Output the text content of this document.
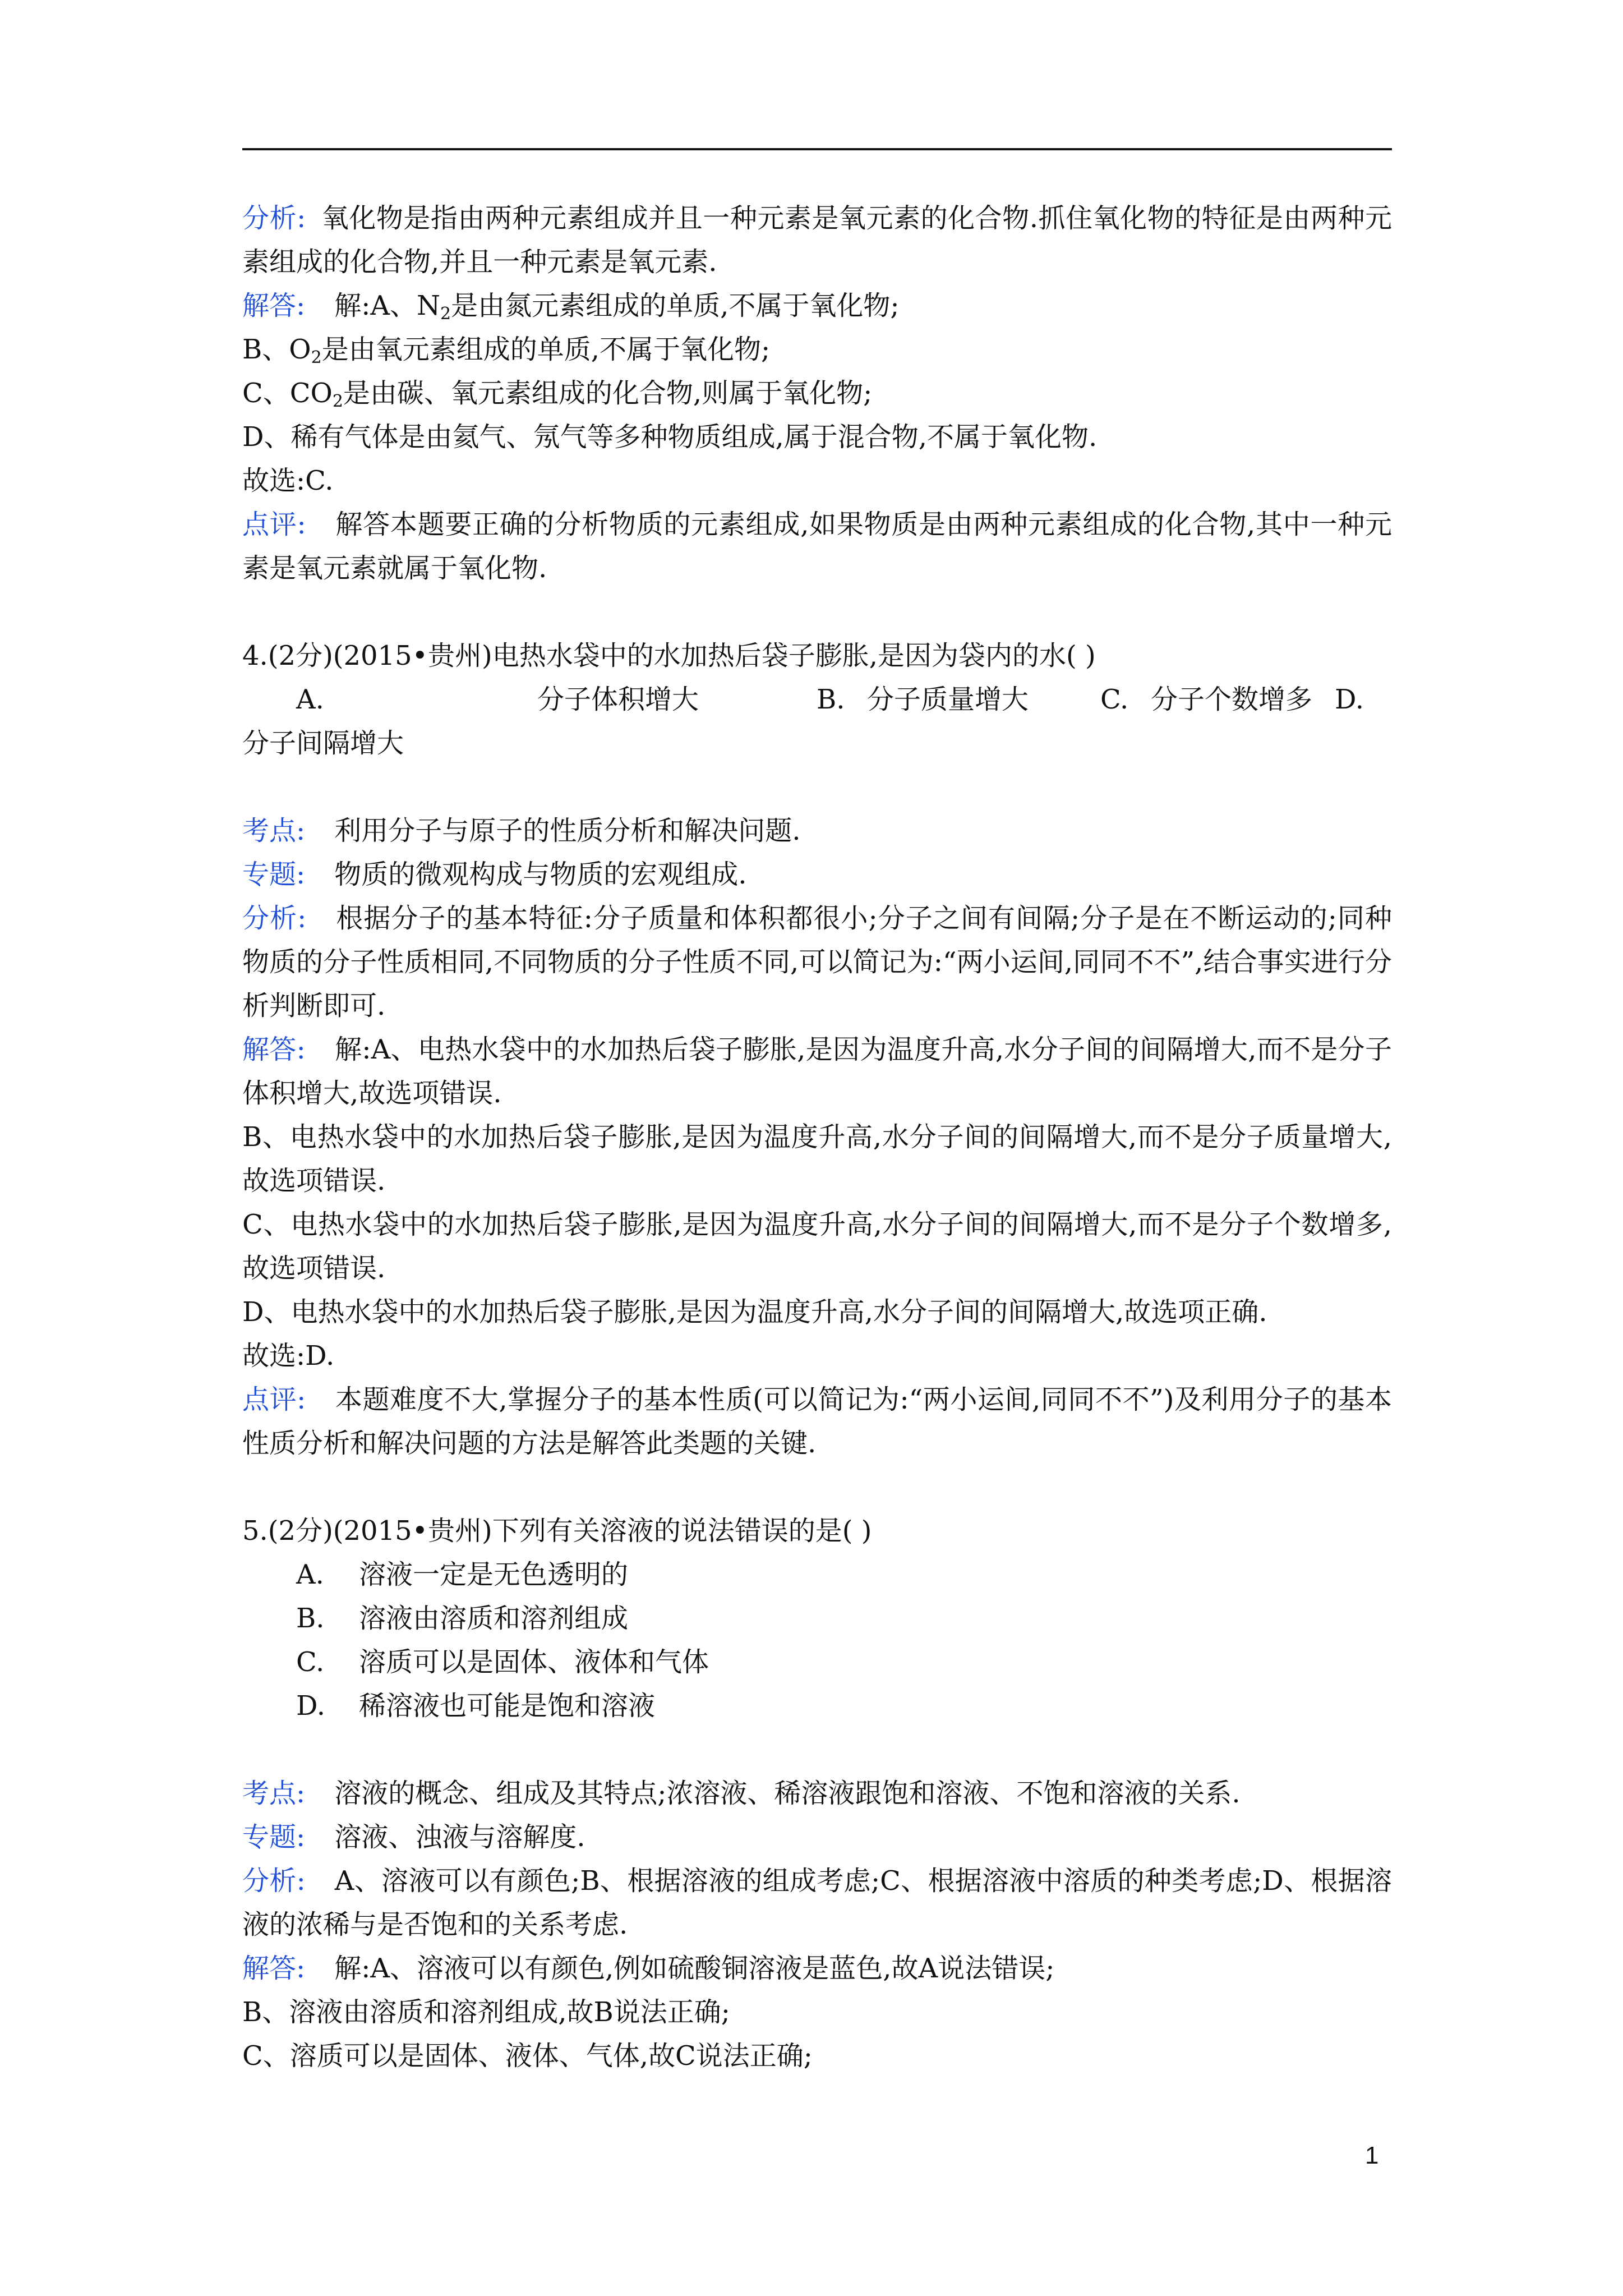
分析: 氧化物是指由两种元素组成并且一种元素是氧元素的化合物.抓住氧化物的特征是由两种元素组成的化合物,并且一种元素是氧元素.

解答: 解:A、$N_2$是由氮元素组成的单质,不属于氧化物;

B、$O_2$是由氧元素组成的单质,不属于氧化物;

C、$CO_2$是由碳、氧元素组成的化合物,则属于氧化物;

D、稀有气体是由氦气、氖气等多种物质组成,属于混合物,不属于氧化物.

故选:C.

点评: 解答本题要正确的分析物质的元素组成,如果物质是由两种元素组成的化合物,其中一种元素是氧元素就属于氧化物.

4.(2分)(2015•贵州)电热水袋中的水加热后袋子膨胀,是因为袋内的水( )

A.	分子体积增大	B. 分子质量增大	C. 分子个数增多 D.

分子间隔增大

考点: 利用分子与原子的性质分析和解决问题.

专题: 物质的微观构成与物质的宏观组成.

分析: 根据分子的基本特征:分子质量和体积都很小;分子之间有间隔;分子是在不断运动的;同种物质的分子性质相同,不同物质的分子性质不同,可以简记为:“两小运间,同同不不”,结合事实进行分析判断即可.

解答: 解:A、电热水袋中的水加热后袋子膨胀,是因为温度升高,水分子间的间隔增大,而不是分子体积增大,故选项错误.

B、电热水袋中的水加热后袋子膨胀,是因为温度升高,水分子间的间隔增大,而不是分子质量增大,故选项错误.

C、电热水袋中的水加热后袋子膨胀,是因为温度升高,水分子间的间隔增大,而不是分子个数增多,故选项错误.

D、电热水袋中的水加热后袋子膨胀,是因为温度升高,水分子间的间隔增大,故选项正确.

故选:D.

点评: 本题难度不大,掌握分子的基本性质(可以简记为:“两小运间,同同不不”)及利用分子的基本性质分析和解决问题的方法是解答此类题的关键.

5.(2分)(2015•贵州)下列有关溶液的说法错误的是( )

A.	溶液一定是无色透明的
B.	溶液由溶质和溶剂组成
C.	溶质可以是固体、液体和气体
D.	稀溶液也可能是饱和溶液

考点: 溶液的概念、组成及其特点;浓溶液、稀溶液跟饱和溶液、不饱和溶液的关系.

专题: 溶液、浊液与溶解度.

分析: A、溶液可以有颜色;B、根据溶液的组成考虑;C、根据溶液中溶质的种类考虑;D、根据溶液的浓稀与是否饱和的关系考虑.

解答: 解:A、溶液可以有颜色,例如硫酸铜溶液是蓝色,故A说法错误;

B、溶液由溶质和溶剂组成,故B说法正确;

C、溶质可以是固体、液体、气体,故C说法正确;

1
